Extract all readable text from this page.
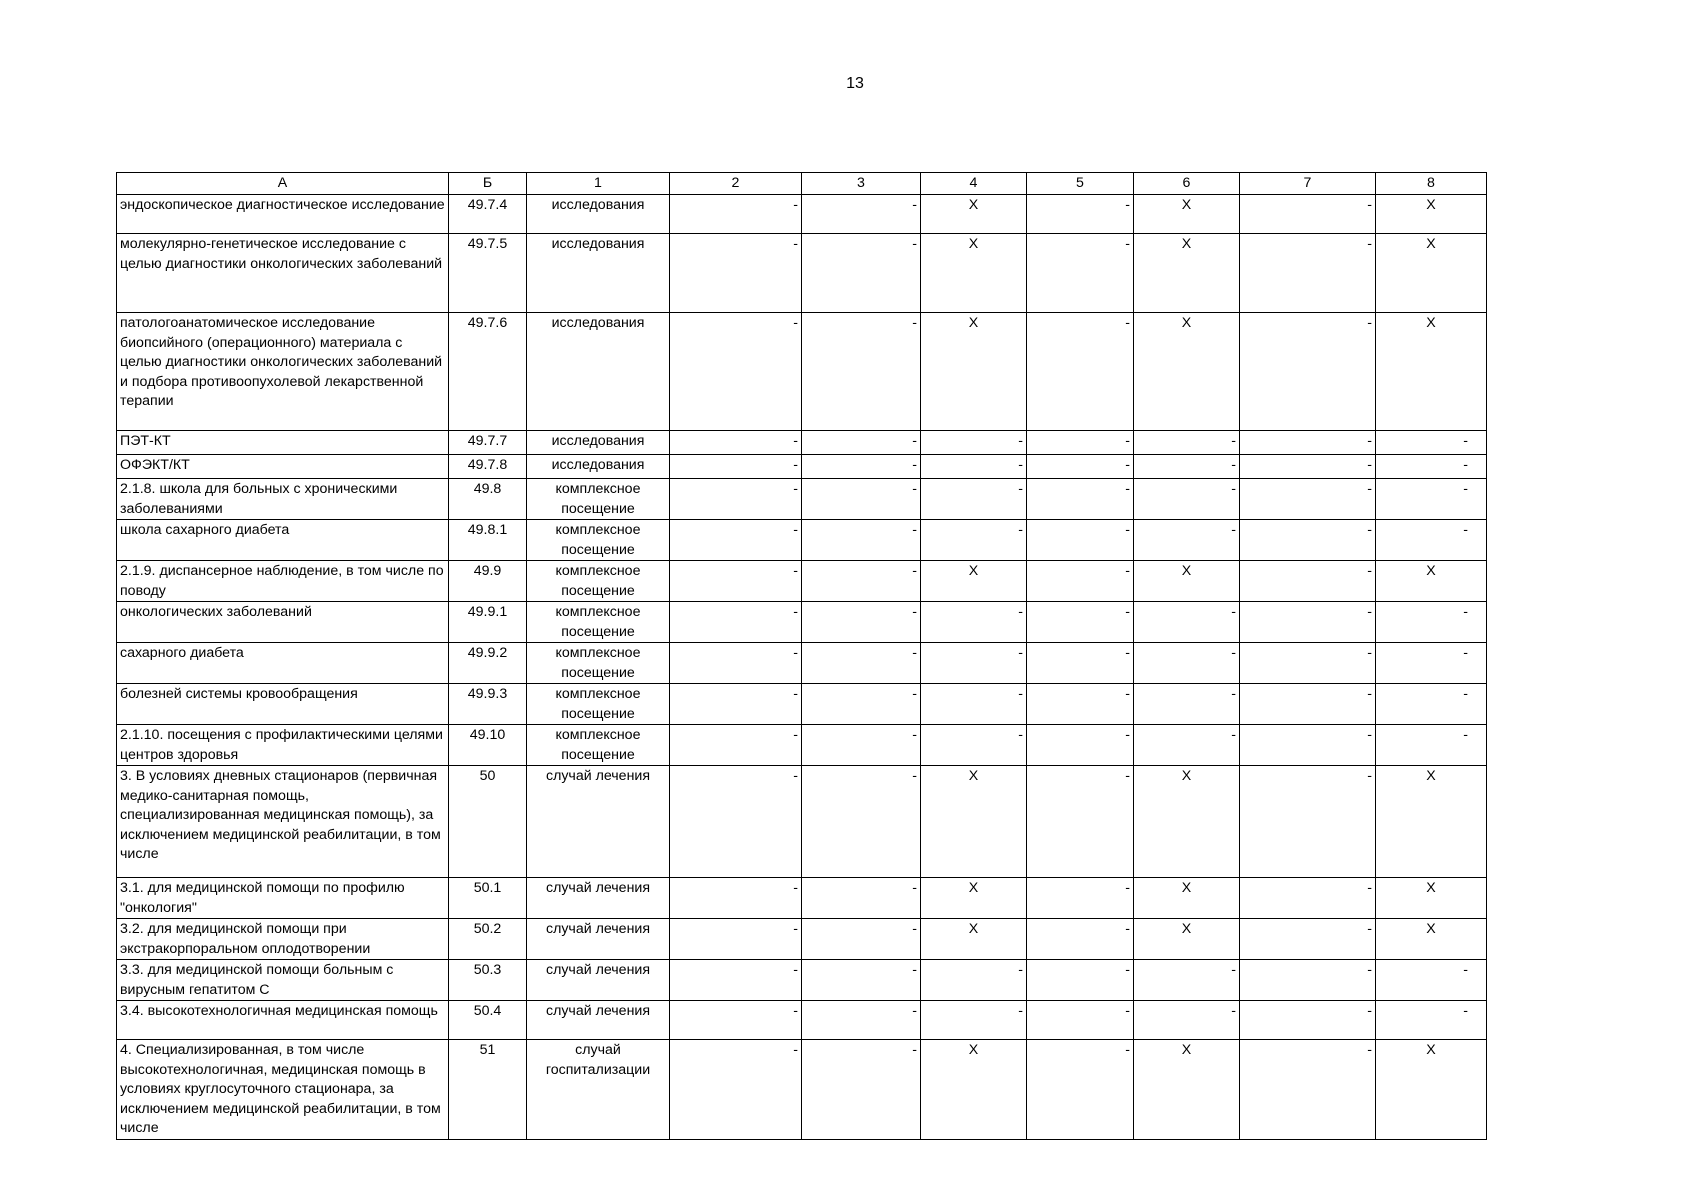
13
А	Б	1	2	3	4	5	6	7	8
эндоскопическое диагностическое исследование	49.7.4	исследования	-	-	Х	-	Х	-	Х
молекулярно-генетическое исследование с целью диагностики онкологических заболеваний	49.7.5	исследования	-	-	Х	-	Х	-	Х
патологоанатомическое исследование биопсийного (операционного) материала с целью диагностики онкологических заболеваний и подбора противоопухолевой лекарственной терапии	49.7.6	исследования	-	-	Х	-	Х	-	Х
ПЭТ-КТ	49.7.7	исследования	-	-	-	-	-	-	-
ОФЭКТ/КТ	49.7.8	исследования	-	-	-	-	-	-	-
2.1.8. школа для больных с хроническими заболеваниями	49.8	комплексное посещение	-	-	-	-	-	-	-
школа сахарного диабета	49.8.1	комплексное посещение	-	-	-	-	-	-	-
2.1.9. диспансерное наблюдение, в том числе по поводу	49.9	комплексное посещение	-	-	Х	-	Х	-	Х
онкологических заболеваний	49.9.1	комплексное посещение	-	-	-	-	-	-	-
сахарного диабета	49.9.2	комплексное посещение	-	-	-	-	-	-	-
болезней системы кровообращения	49.9.3	комплексное посещение	-	-	-	-	-	-	-
2.1.10. посещения с профилактическими целями центров здоровья	49.10	комплексное посещение	-	-	-	-	-	-	-
3. В условиях дневных стационаров (первичная медико-санитарная помощь, специализированная медицинская помощь), за исключением медицинской реабилитации, в том числе	50	случай лечения	-	-	Х	-	Х	-	Х
3.1. для медицинской помощи по профилю "онкология"	50.1	случай лечения	-	-	Х	-	Х	-	Х
3.2. для медицинской помощи при экстракорпоральном оплодотворении	50.2	случай лечения	-	-	Х	-	Х	-	Х
3.3. для медицинской помощи больным с вирусным гепатитом С	50.3	случай лечения	-	-	-	-	-	-	-
3.4. высокотехнологичная медицинская помощь	50.4	случай лечения	-	-	-	-	-	-	-
4. Специализированная, в том числе высокотехнологичная, медицинская помощь в условиях круглосуточного стационара, за исключением медицинской реабилитации, в том числе	51	случай госпитализации	-	-	Х	-	Х	-	Х
